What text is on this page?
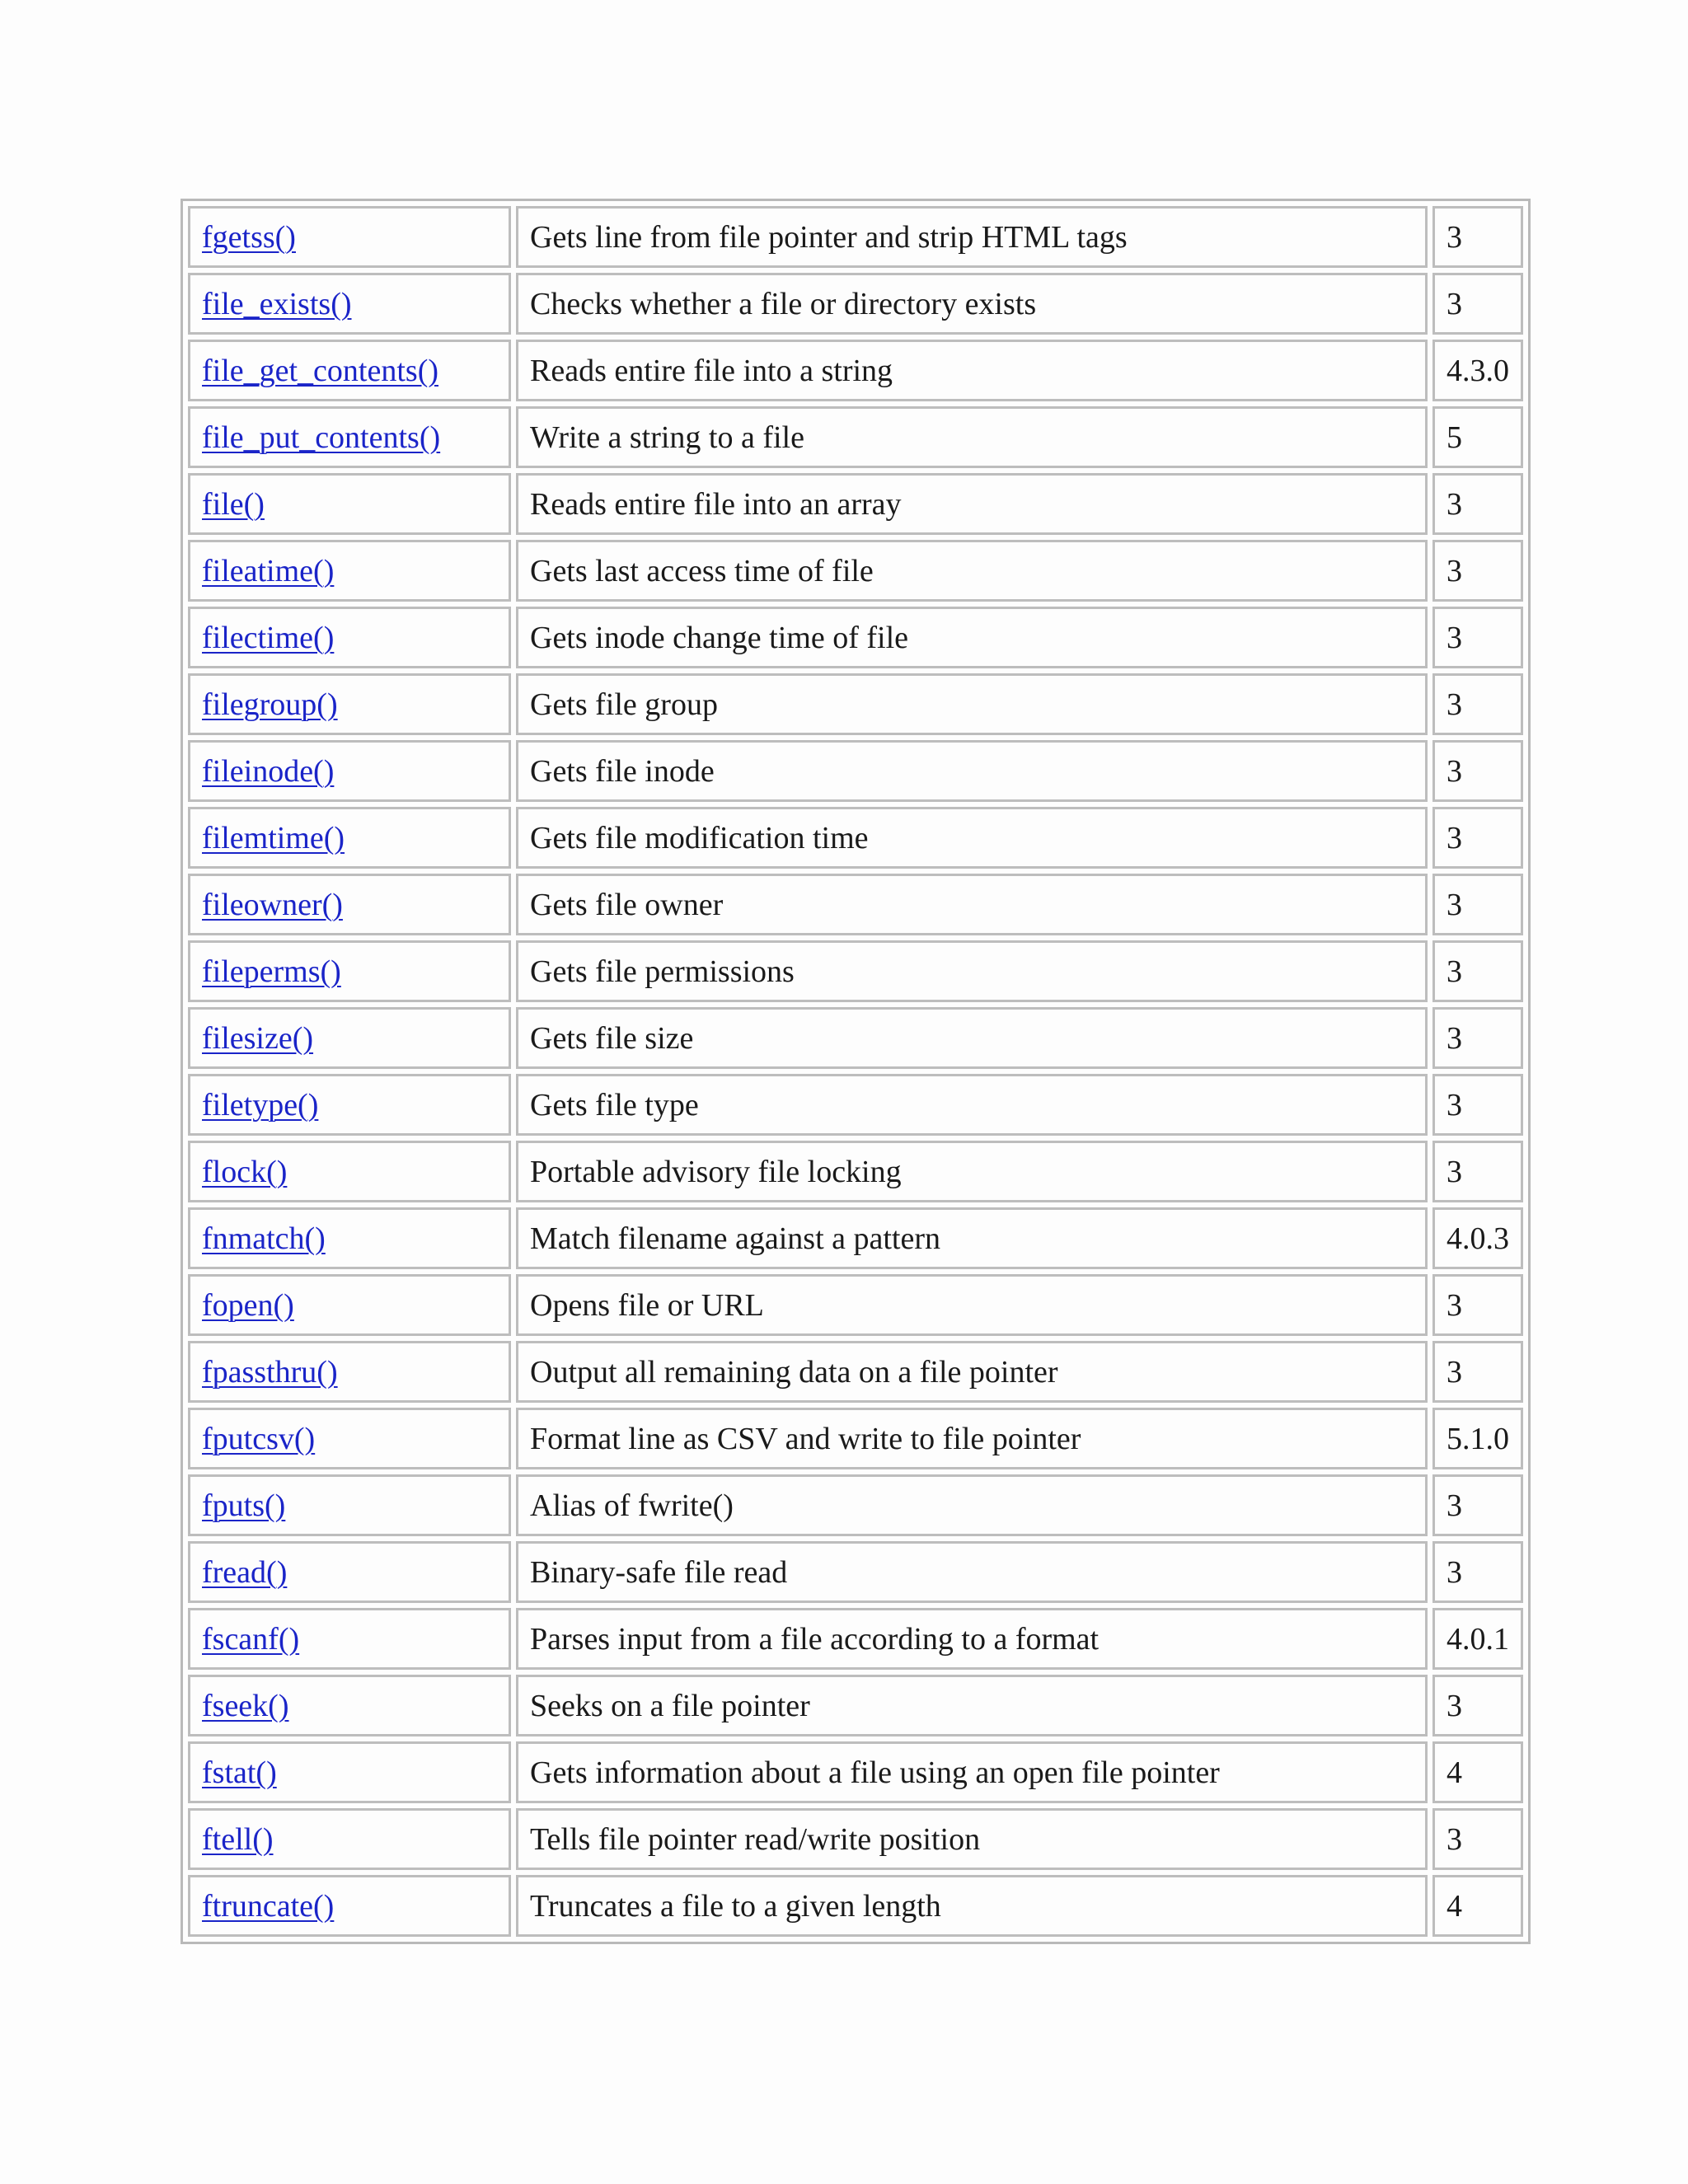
fgetss()	Gets line from file pointer and strip HTML tags	3
file_exists()	Checks whether a file or directory exists	3
file_get_contents()	Reads entire file into a string	4.3.0
file_put_contents()	Write a string to a file	5
file()	Reads entire file into an array	3
fileatime()	Gets last access time of file	3
filectime()	Gets inode change time of file	3
filegroup()	Gets file group	3
fileinode()	Gets file inode	3
filemtime()	Gets file modification time	3
fileowner()	Gets file owner	3
fileperms()	Gets file permissions	3
filesize()	Gets file size	3
filetype()	Gets file type	3
flock()	Portable advisory file locking	3
fnmatch()	Match filename against a pattern	4.0.3
fopen()	Opens file or URL	3
fpassthru()	Output all remaining data on a file pointer	3
fputcsv()	Format line as CSV and write to file pointer	5.1.0
fputs()	Alias of fwrite()	3
fread()	Binary-safe file read	3
fscanf()	Parses input from a file according to a format	4.0.1
fseek()	Seeks on a file pointer	3
fstat()	Gets information about a file using an open file pointer	4
ftell()	Tells file pointer read/write position	3
ftruncate()	Truncates a file to a given length	4
